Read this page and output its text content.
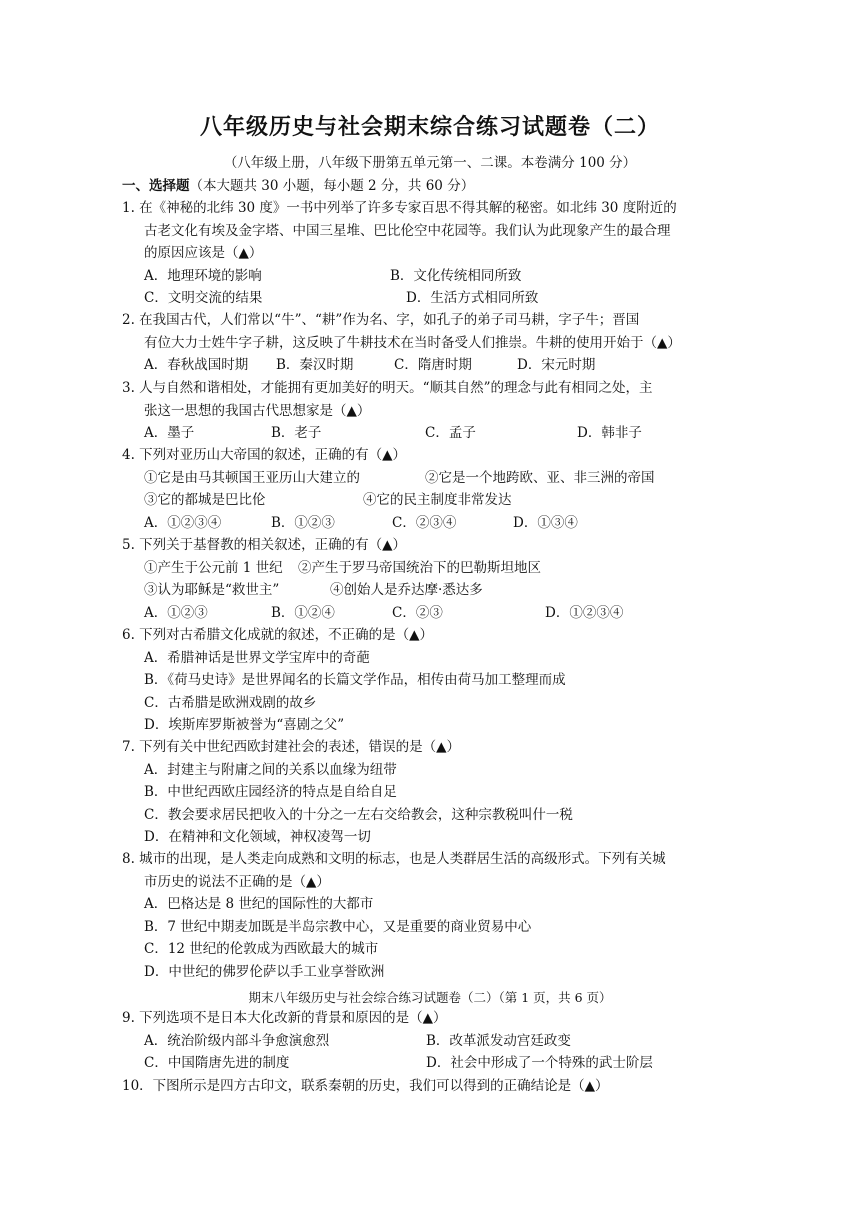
八年级历史与社会期末综合练习试题卷（二）
（八年级上册，八年级下册第五单元第一、二课。本卷满分 100 分）
一、选择题（本大题共 30 小题，每小题 2 分，共 60 分）
1. 在《神秘的北纬 30 度》一书中列举了许多专家百思不得其解的秘密。如北纬 30 度附近的
古老文化有埃及金字塔、中国三星堆、巴比伦空中花园等。我们认为此现象产生的最合理
的原因应该是（▲）
A．地理环境的影响	B．文化传统相同所致
C．文明交流的结果	D．生活方式相同所致
2. 在我国古代，人们常以“牛”、“耕”作为名、字，如孔子的弟子司马耕，字子牛；晋国
有位大力士姓牛字子耕，这反映了牛耕技术在当时备受人们推崇。牛耕的使用开始于（▲）
A．春秋战国时期	B．秦汉时期	C．隋唐时期	D．宋元时期
3. 人与自然和谐相处，才能拥有更加美好的明天。“顺其自然”的理念与此有相同之处，主
张这一思想的我国古代思想家是（▲）
A．墨子	B．老子	C．孟子	D．韩非子
4. 下列对亚历山大帝国的叙述，正确的有（▲）
①它是由马其顿国王亚历山大建立的	②它是一个地跨欧、亚、非三洲的帝国
③它的都城是巴比伦	④它的民主制度非常发达
A．①②③④	B．①②③	C．②③④	D．①③④
5. 下列关于基督教的相关叙述，正确的有（▲）
①产生于公元前 1 世纪	②产生于罗马帝国统治下的巴勒斯坦地区
③认为耶稣是“救世主”	④创始人是乔达摩·悉达多
A．①②③	B．①②④	C．②③	D．①②③④
6. 下列对古希腊文化成就的叙述，不正确的是（▲）
A．希腊神话是世界文学宝库中的奇葩
B．《荷马史诗》是世界闻名的长篇文学作品，相传由荷马加工整理而成
C．古希腊是欧洲戏剧的故乡
D．埃斯库罗斯被誉为“喜剧之父”
7. 下列有关中世纪西欧封建社会的表述，错误的是（▲）
A．封建主与附庸之间的关系以血缘为纽带
B．中世纪西欧庄园经济的特点是自给自足
C．教会要求居民把收入的十分之一左右交给教会，这种宗教税叫什一税
D．在精神和文化领域，神权凌驾一切
8. 城市的出现，是人类走向成熟和文明的标志，也是人类群居生活的高级形式。下列有关城
市历史的说法不正确的是（▲）
A．巴格达是 8 世纪的国际性的大都市
B．7 世纪中期麦加既是半岛宗教中心，又是重要的商业贸易中心
C．12 世纪的伦敦成为西欧最大的城市
D．中世纪的佛罗伦萨以手工业享誉欧洲
期末八年级历史与社会综合练习试题卷（二）（第 1 页，共 6 页）
9. 下列选项不是日本大化改新的背景和原因的是（▲）
A．统治阶级内部斗争愈演愈烈	B．改革派发动宫廷政变
C．中国隋唐先进的制度	D．社会中形成了一个特殊的武士阶层
10．下图所示是四方古印文，联系秦朝的历史，我们可以得到的正确结论是（▲）
